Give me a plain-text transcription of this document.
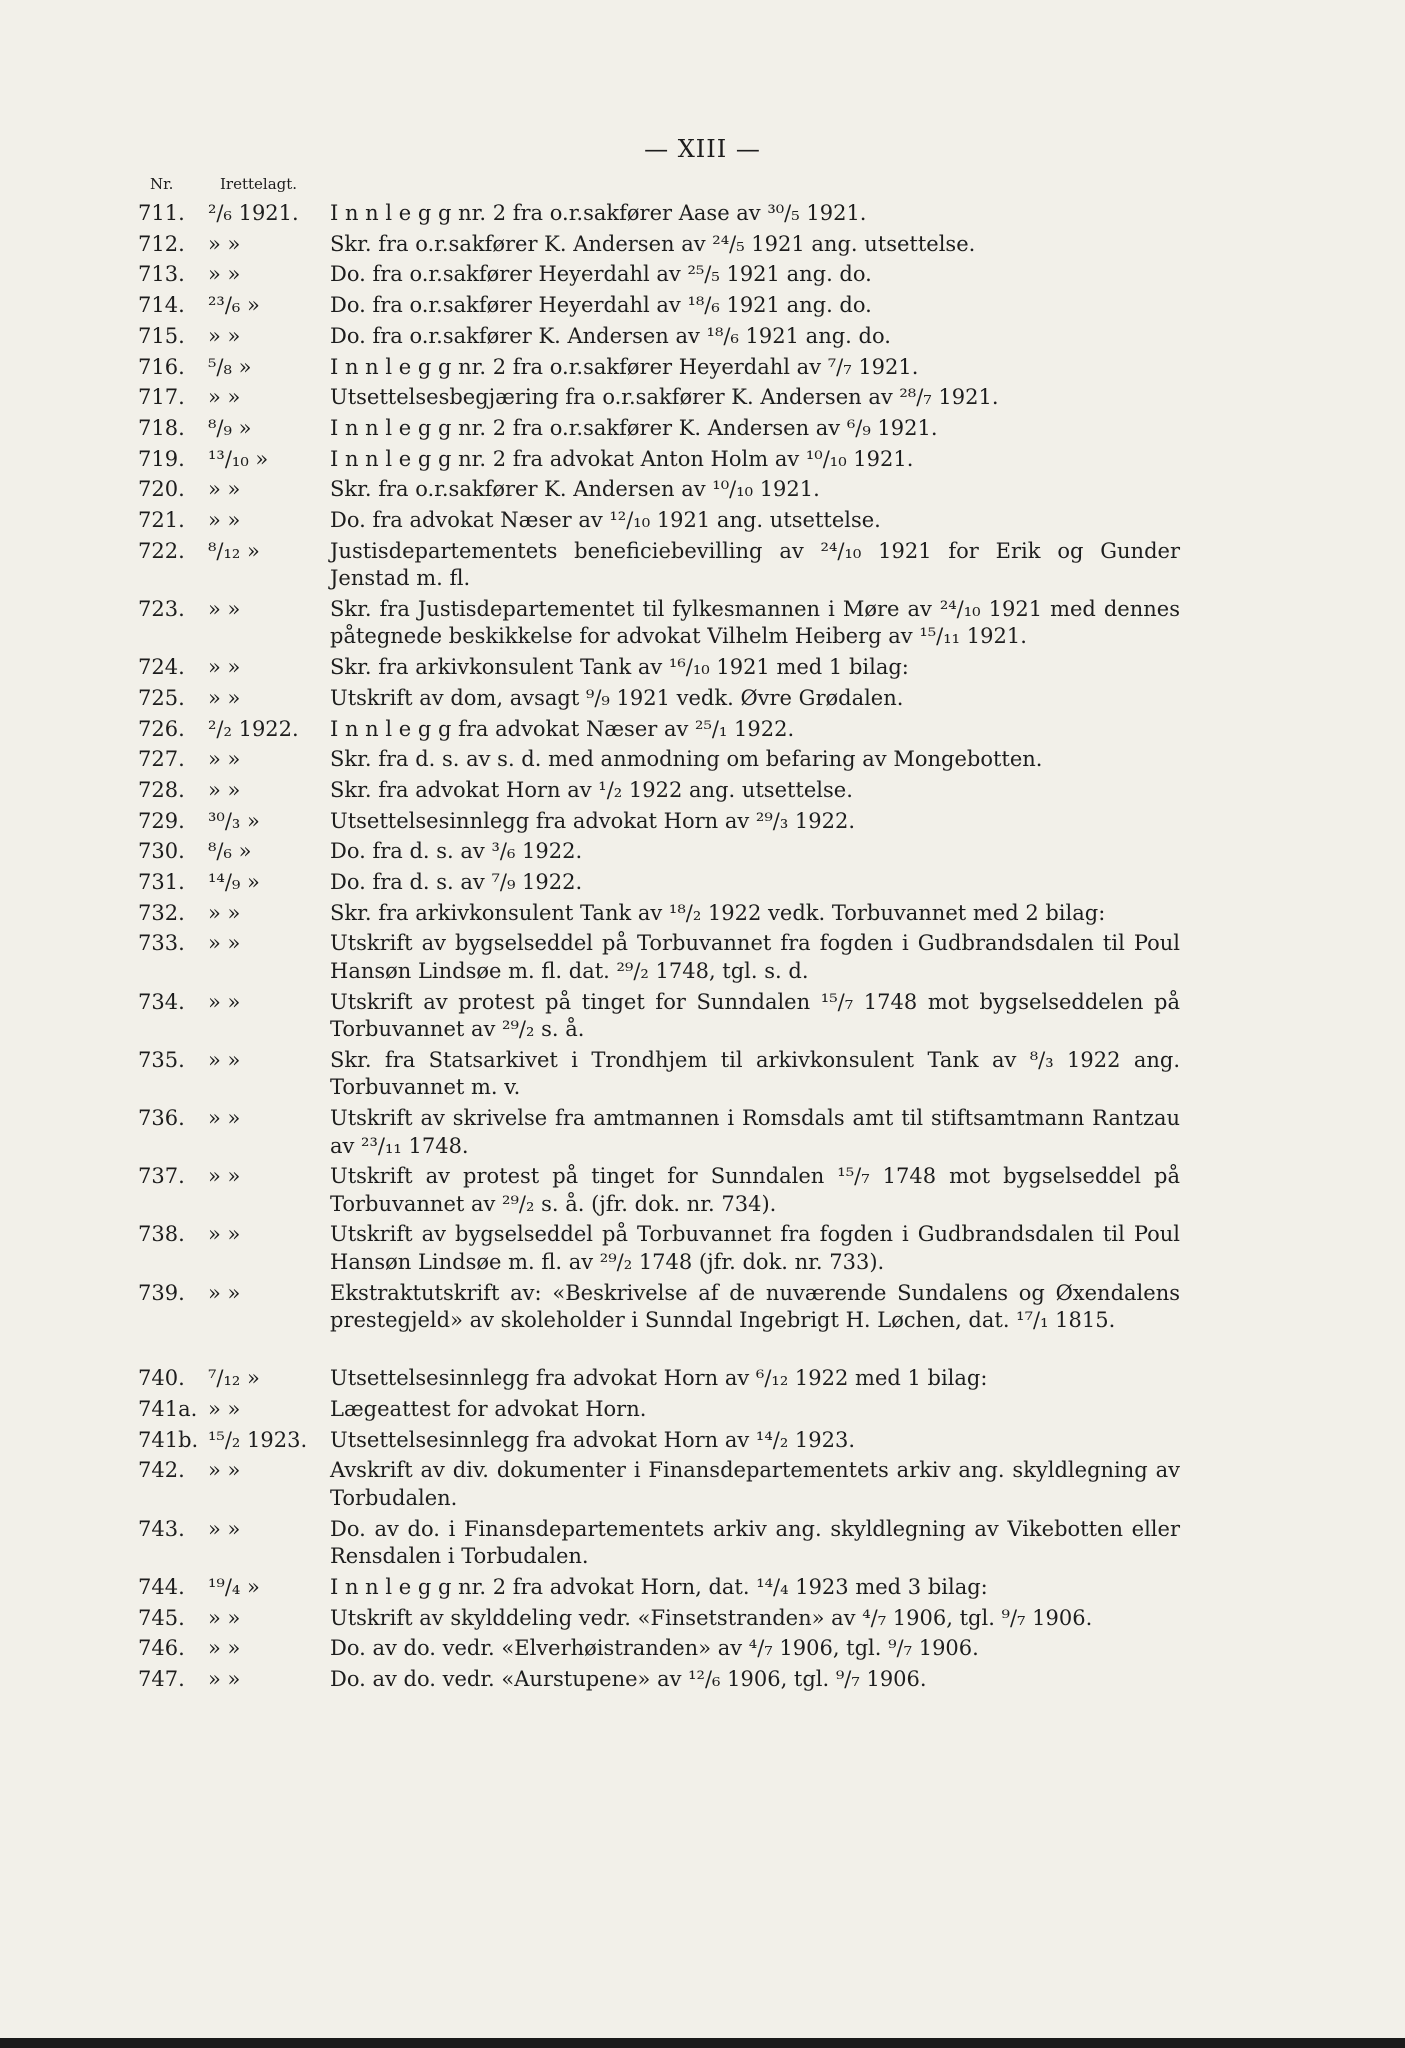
— XIII —
Nr.	Irettelagt.
711.	²/₆ 1921.	I n n l e g g nr. 2 fra o.r.sakfører Aase av ³⁰/₅ 1921.
712.	» »	Skr. fra o.r.sakfører K. Andersen av ²⁴/₅ 1921 ang. utsettelse.
713.	» »	Do. fra o.r.sakfører Heyerdahl av ²⁵/₅ 1921 ang. do.
714.	²³/₆ »	Do. fra o.r.sakfører Heyerdahl av ¹⁸/₆ 1921 ang. do.
715.	» »	Do. fra o.r.sakfører K. Andersen av ¹⁸/₆ 1921 ang. do.
716.	⁵/₈ »	I n n l e g g nr. 2 fra o.r.sakfører Heyerdahl av ⁷/₇ 1921.
717.	» »	Utsettelsesbegjæring fra o.r.sakfører K. Andersen av ²⁸/₇ 1921.
718.	⁸/₉ »	I n n l e g g nr. 2 fra o.r.sakfører K. Andersen av ⁶/₉ 1921.
719.	¹³/₁₀ »	I n n l e g g nr. 2 fra advokat Anton Holm av ¹⁰/₁₀ 1921.
720.	» »	Skr. fra o.r.sakfører K. Andersen av ¹⁰/₁₀ 1921.
721.	» »	Do. fra advokat Næser av ¹²/₁₀ 1921 ang. utsettelse.
722.	⁸/₁₂ »	Justisdepartementets beneficiebevilling av ²⁴/₁₀ 1921 for Erik og Gunder Jenstad m. fl.
723.	» »	Skr. fra Justisdepartementet til fylkesmannen i Møre av ²⁴/₁₀ 1921 med dennes påtegnede beskikkelse for advokat Vilhelm Heiberg av ¹⁵/₁₁ 1921.
724.	» »	Skr. fra arkivkonsulent Tank av ¹⁶/₁₀ 1921 med 1 bilag:
725.	» »	Utskrift av dom, avsagt ⁹/₉ 1921 vedk. Øvre Grødalen.
726.	²/₂ 1922.	I n n l e g g fra advokat Næser av ²⁵/₁ 1922.
727.	» »	Skr. fra d. s. av s. d. med anmodning om befaring av Mongebotten.
728.	» »	Skr. fra advokat Horn av ¹/₂ 1922 ang. utsettelse.
729.	³⁰/₃ »	Utsettelsesinnlegg fra advokat Horn av ²⁹/₃ 1922.
730.	⁸/₆ »	Do. fra d. s. av ³/₆ 1922.
731.	¹⁴/₉ »	Do. fra d. s. av ⁷/₉ 1922.
732.	» »	Skr. fra arkivkonsulent Tank av ¹⁸/₂ 1922 vedk. Torbuvannet med 2 bilag:
733.	» »	Utskrift av bygselseddel på Torbuvannet fra fogden i Gudbrandsdalen til Poul Hansøn Lindsøe m. fl. dat. ²⁹/₂ 1748, tgl. s. d.
734.	» »	Utskrift av protest på tinget for Sunndalen ¹⁵/₇ 1748 mot bygselseddelen på Torbuvannet av ²⁹/₂ s. å.
735.	» »	Skr. fra Statsarkivet i Trondhjem til arkivkonsulent Tank av ⁸/₃ 1922 ang. Torbuvannet m. v.
736.	» »	Utskrift av skrivelse fra amtmannen i Romsdals amt til stiftsamtmann Rantzau av ²³/₁₁ 1748.
737.	» »	Utskrift av protest på tinget for Sunndalen ¹⁵/₇ 1748 mot bygselseddel på Torbuvannet av ²⁹/₂ s. å. (jfr. dok. nr. 734).
738.	» »	Utskrift av bygselseddel på Torbuvannet fra fogden i Gudbrandsdalen til Poul Hansøn Lindsøe m. fl. av ²⁹/₂ 1748 (jfr. dok. nr. 733).
739.	» »	Ekstraktutskrift av: «Beskrivelse af de nuværende Sundalens og Øxendalens prestegjeld» av skoleholder i Sunndal Ingebrigt H. Løchen, dat. ¹⁷/₁ 1815.
740.	⁷/₁₂ »	Utsettelsesinnlegg fra advokat Horn av ⁶/₁₂ 1922 med 1 bilag:
741a. » »	Lægeattest for advokat Horn.
741b. ¹⁵/₂ 1923.	Utsettelsesinnlegg fra advokat Horn av ¹⁴/₂ 1923.
742.	» »	Avskrift av div. dokumenter i Finansdepartementets arkiv ang. skyldlegning av Torbudalen.
743.	» »	Do. av do. i Finansdepartementets arkiv ang. skyldlegning av Vikebotten eller Rensdalen i Torbudalen.
744.	¹⁹/₄ »	I n n l e g g nr. 2 fra advokat Horn, dat. ¹⁴/₄ 1923 med 3 bilag:
745.	» »	Utskrift av skylddeling vedr. «Finsetstranden» av ⁴/₇ 1906, tgl. ⁹/₇ 1906.
746.	» »	Do. av do. vedr. «Elverhøistranden» av ⁴/₇ 1906, tgl. ⁹/₇ 1906.
747.	» »	Do. av do. vedr. «Aurstupene» av ¹²/₆ 1906, tgl. ⁹/₇ 1906.
